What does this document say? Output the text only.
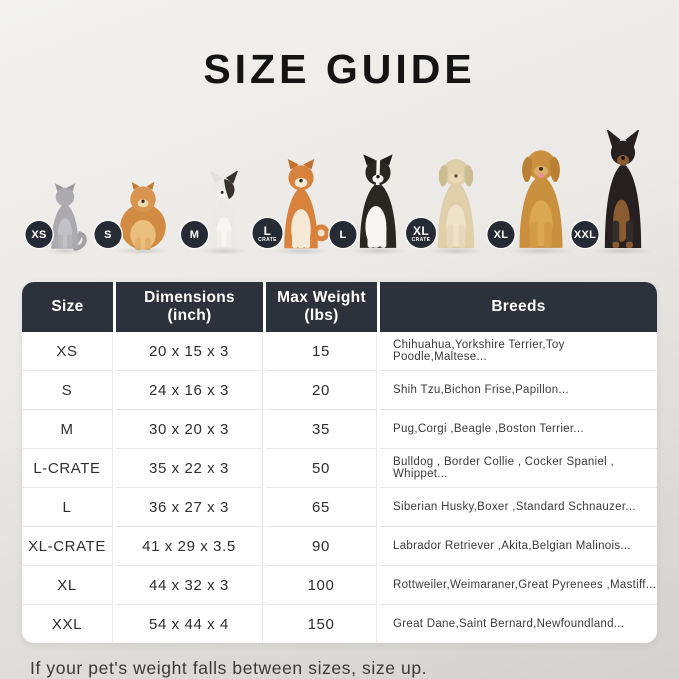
SIZE GUIDE
XS	S	M	L
CRATE	L	XL
CRATE	XL	XXL
Size
Dimensions
(inch)
Max Weight
(lbs)
Breeds
XS	20 x 15 x 3	15	Chihuahua,Yorkshire Terrier,Toy Poodle,Maltese...
S	24 x 16 x 3	20	Shih Tzu,Bichon Frise,Papillon...
M	30 x 20 x 3	35	Pug,Corgi ,Beagle ,Boston Terrier...
L-CRATE	35 x 22 x 3	50	Bulldog , Border Collie , Cocker Spaniel , Whippet...
L	36 x 27 x 3	65	Siberian Husky,Boxer ,Standard Schnauzer...
XL-CRATE	41 x 29 x 3.5	90	Labrador Retriever ,Akita,Belgian Malinois...
XL	44 x 32 x 3	100	Rottweiler,Weimaraner,Great Pyrenees ,Mastiff...
XXL	54 x 44 x 4	150	Great Dane,Saint Bernard,Newfoundland...

If your pet's weight falls between sizes, size up.
